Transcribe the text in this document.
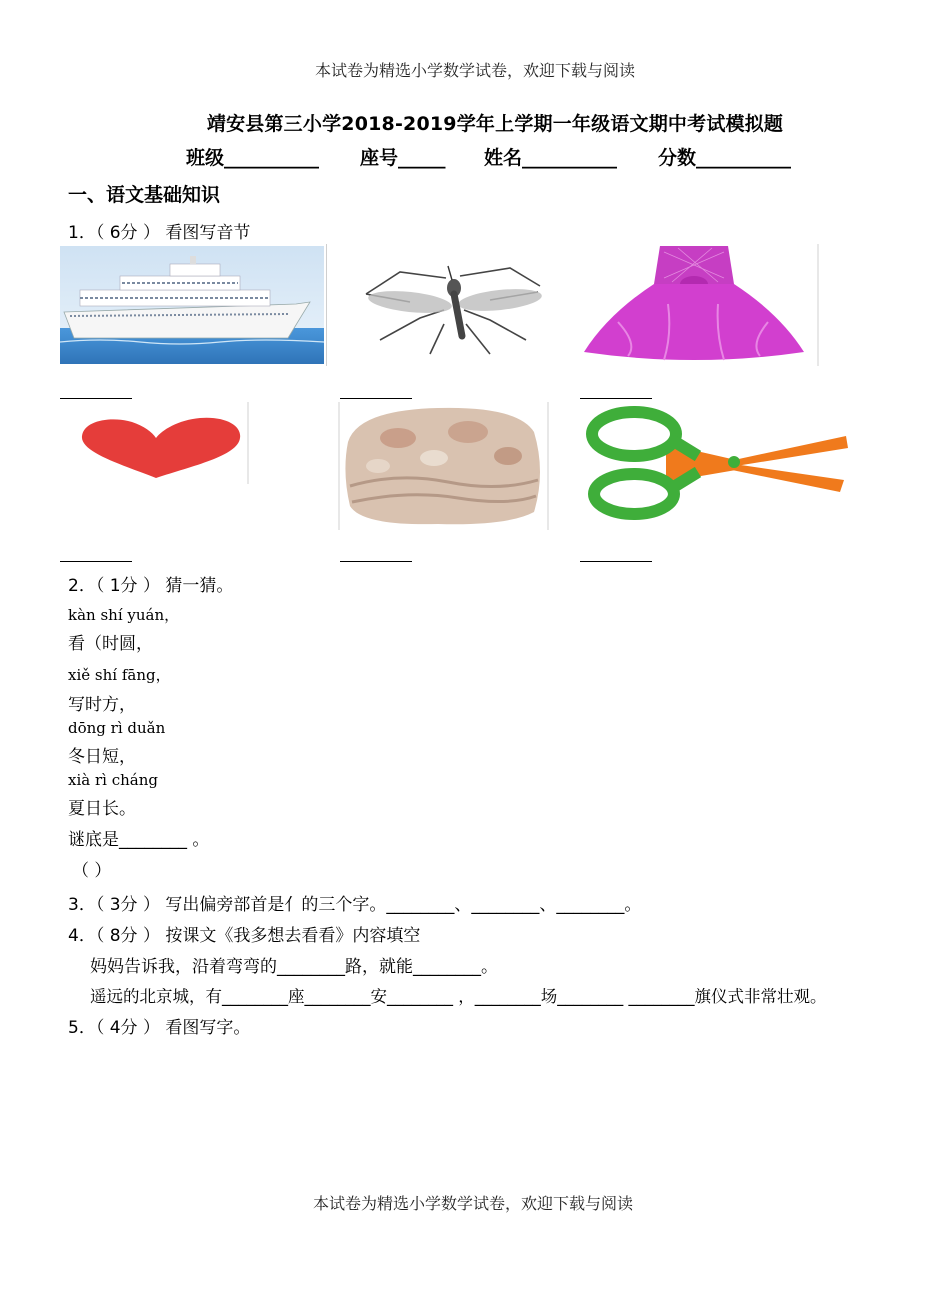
本试卷为精选小学数学试卷，欢迎下载与阅读
靖安县第三小学2018-2019学年上学期一年级语文期中考试模拟题
班级__________ 座号_____ 姓名__________ 分数__________
一、语文基础知识
1．（ 6分 ） 看图写音节
2．（ 1分 ） 猜一猜。
kàn shí yuán，
看（时圆，
xiě shí fāng，
写时方，
dōng rì duǎn
冬日短，
xià rì cháng
夏日长。
谜底是________ 。
（ ）
3．（ 3分 ） 写出偏旁部首是亻的三个字。________、________、________。
4．（ 8分 ） 按课文《我多想去看看》内容填空
妈妈告诉我，沿着弯弯的________路，就能________。
遥远的北京城，有________座________安________ ，________场________ ________旗仪式非常壮观。
5．（ 4分 ） 看图写字。
本试卷为精选小学数学试卷，欢迎下载与阅读
